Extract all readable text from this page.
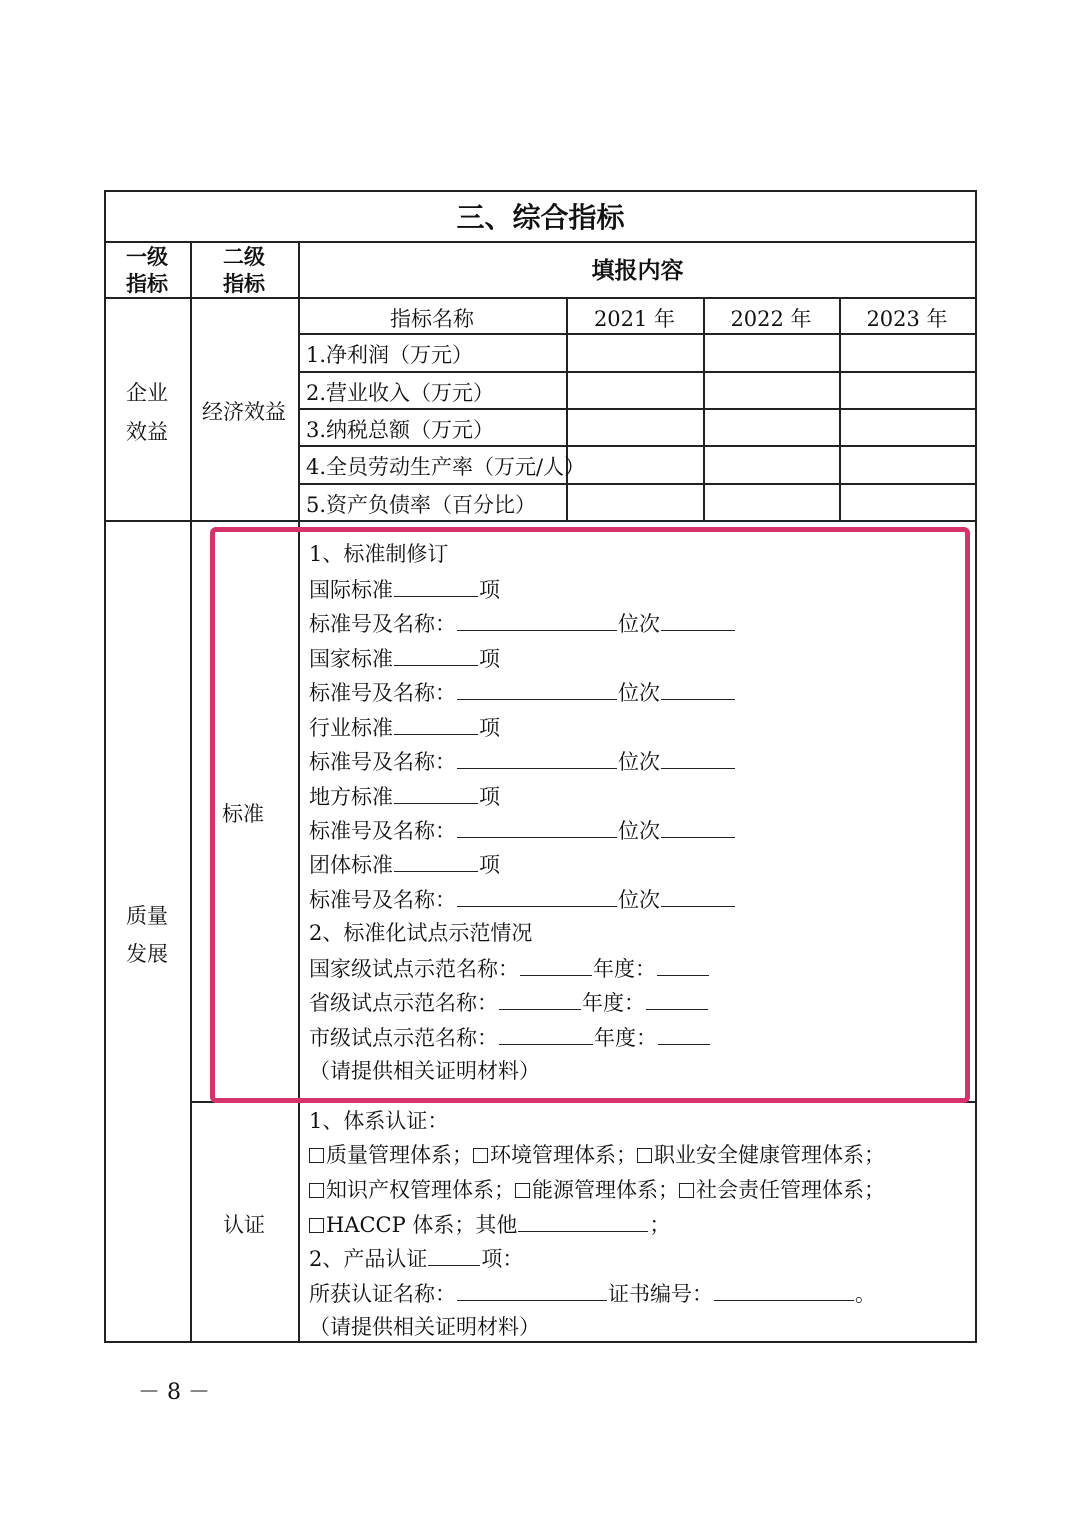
三、综合指标
一级
指标
二级
指标	填报内容
指标名称	2021 年	2022 年	2023 年
企业
效益
经济效益
1.净利润（万元）
2.营业收入（万元）
3.纳税总额（万元）
4.全员劳动生产率（万元/人）
5.资产负债率（百分比）
质量
发展
标准
1、标准制修订
国际标准	项
标准号及名称：	位次
国家标准	项
标准号及名称：	位次
行业标准	项
标准号及名称：	位次
地方标准	项
标准号及名称：	位次
团体标准	项
标准号及名称：	位次
2、标准化试点示范情况
国家级试点示范名称：	年度：
省级试点示范名称：	年度：
市级试点示范名称：	年度：
（请提供相关证明材料）
认证
1、体系认证：
质量管理体系； 环境管理体系； 职业安全健康管理体系；
知识产权管理体系； 能源管理体系； 社会责任管理体系；
HACCP 体系；其他	；
2、产品认证	项：
所获认证名称：	证书编号：	。
（请提供相关证明材料）
－ 8 －
